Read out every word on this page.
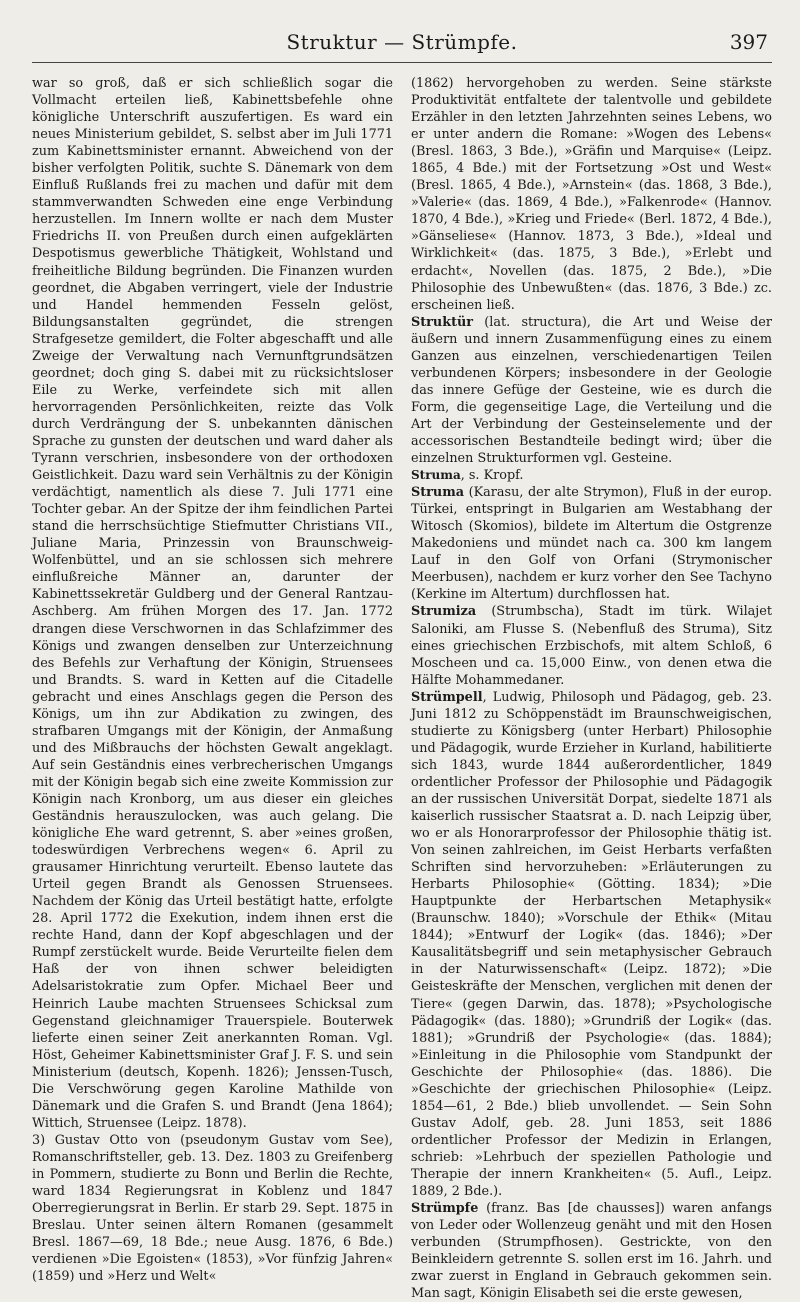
Struktur — Strümpfe.	397

war so groß, daß er sich schließlich sogar die Vollmacht erteilen ließ, Kabinettsbefehle ohne königliche Unterschrift auszufertigen. Es ward ein neues Ministerium gebildet, S. selbst aber im Juli 1771 zum Kabinettsminister ernannt. Abweichend von der bisher verfolgten Politik, suchte S. Dänemark von dem Einfluß Rußlands frei zu machen und dafür mit dem stammverwandten Schweden eine enge Verbindung herzustellen. Im Innern wollte er nach dem Muster Friedrichs II. von Preußen durch einen aufgeklärten Despotismus gewerbliche Thätigkeit, Wohlstand und freiheitliche Bildung begründen. Die Finanzen wurden geordnet, die Abgaben verringert, viele der Industrie und Handel hemmenden Fesseln gelöst, Bildungsanstalten gegründet, die strengen Strafgesetze gemildert, die Folter abgeschafft und alle Zweige der Verwaltung nach Vernunftgrundsätzen geordnet; doch ging S. dabei mit zu rücksichtsloser Eile zu Werke, verfeindete sich mit allen hervorragenden Persönlichkeiten, reizte das Volk durch Verdrängung der S. unbekannten dänischen Sprache zu gunsten der deutschen und ward daher als Tyrann verschrien, insbesondere von der orthodoxen Geistlichkeit. Dazu ward sein Verhältnis zu der Königin verdächtigt, namentlich als diese 7. Juli 1771 eine Tochter gebar. An der Spitze der ihm feindlichen Partei stand die herrschsüchtige Stiefmutter Christians VII., Juliane Maria, Prinzessin von Braunschweig-Wolfenbüttel, und an sie schlossen sich mehrere einflußreiche Männer an, darunter der Kabinettssekretär Guldberg und der General Rantzau-Aschberg. Am frühen Morgen des 17. Jan. 1772 drangen diese Verschwornen in das Schlafzimmer des Königs und zwangen denselben zur Unterzeichnung des Befehls zur Verhaftung der Königin, Struensees und Brandts. S. ward in Ketten auf die Citadelle gebracht und eines Anschlags gegen die Person des Königs, um ihn zur Abdikation zu zwingen, des strafbaren Umgangs mit der Königin, der Anmaßung und des Mißbrauchs der höchsten Gewalt angeklagt. Auf sein Geständnis eines verbrecherischen Umgangs mit der Königin begab sich eine zweite Kommission zur Königin nach Kronborg, um aus dieser ein gleiches Geständnis herauszulocken, was auch gelang. Die königliche Ehe ward getrennt, S. aber »eines großen, todeswürdigen Verbrechens wegen« 6. April zu grausamer Hinrichtung verurteilt. Ebenso lautete das Urteil gegen Brandt als Genossen Struensees. Nachdem der König das Urteil bestätigt hatte, erfolgte 28. April 1772 die Exekution, indem ihnen erst die rechte Hand, dann der Kopf abgeschlagen und der Rumpf zerstückelt wurde. Beide Verurteilte fielen dem Haß der von ihnen schwer beleidigten Adelsaristokratie zum Opfer. Michael Beer und Heinrich Laube machten Struensees Schicksal zum Gegenstand gleichnamiger Trauerspiele. Bouterwek lieferte einen seiner Zeit anerkannten Roman. Vgl. Höst, Geheimer Kabinettsminister Graf J. F. S. und sein Ministerium (deutsch, Kopenh. 1826); Jenssen-Tusch, Die Verschwörung gegen Karoline Mathilde von Dänemark und die Grafen S. und Brandt (Jena 1864); Wittich, Struensee (Leipz. 1878).

3) Gustav Otto von (pseudonym Gustav vom See), Romanschriftsteller, geb. 13. Dez. 1803 zu Greifenberg in Pommern, studierte zu Bonn und Berlin die Rechte, ward 1834 Regierungsrat in Koblenz und 1847 Oberregierungsrat in Berlin. Er starb 29. Sept. 1875 in Breslau. Unter seinen ältern Romanen (gesammelt Bresl. 1867—69, 18 Bde.; neue Ausg. 1876, 6 Bde.) verdienen »Die Egoisten« (1853), »Vor fünfzig Jahren« (1859) und »Herz und Welt«

(1862) hervorgehoben zu werden. Seine stärkste Produktivität entfaltete der talentvolle und gebildete Erzähler in den letzten Jahrzehnten seines Lebens, wo er unter andern die Romane: »Wogen des Lebens« (Bresl. 1863, 3 Bde.), »Gräfin und Marquise« (Leipz. 1865, 4 Bde.) mit der Fortsetzung »Ost und West« (Bresl. 1865, 4 Bde.), »Arnstein« (das. 1868, 3 Bde.), »Valerie« (das. 1869, 4 Bde.), »Falkenrode« (Hannov. 1870, 4 Bde.), »Krieg und Friede« (Berl. 1872, 4 Bde.), »Gänseliese« (Hannov. 1873, 3 Bde.), »Ideal und Wirklichkeit« (das. 1875, 3 Bde.), »Erlebt und erdacht«, Novellen (das. 1875, 2 Bde.), »Die Philosophie des Unbewußten« (das. 1876, 3 Bde.) zc. erscheinen ließ.

Struktür (lat. structura), die Art und Weise der äußern und innern Zusammenfügung eines zu einem Ganzen aus einzelnen, verschiedenartigen Teilen verbundenen Körpers; insbesondere in der Geologie das innere Gefüge der Gesteine, wie es durch die Form, die gegenseitige Lage, die Verteilung und die Art der Verbindung der Gesteinselemente und der accessorischen Bestandteile bedingt wird; über die einzelnen Strukturformen vgl. Gesteine.

Struma, s. Kropf.

Struma (Karasu, der alte Strymon), Fluß in der europ. Türkei, entspringt in Bulgarien am Westabhang der Witosch (Skomios), bildete im Altertum die Ostgrenze Makedoniens und mündet nach ca. 300 km langem Lauf in den Golf von Orfani (Strymonischer Meerbusen), nachdem er kurz vorher den See Tachyno (Kerkine im Altertum) durchflossen hat.

Strumiza (Strumbscha), Stadt im türk. Wilajet Saloniki, am Flusse S. (Nebenfluß des Struma), Sitz eines griechischen Erzbischofs, mit altem Schloß, 6 Moscheen und ca. 15,000 Einw., von denen etwa die Hälfte Mohammedaner.

Strümpell, Ludwig, Philosoph und Pädagog, geb. 23. Juni 1812 zu Schöppenstädt im Braunschweigischen, studierte zu Königsberg (unter Herbart) Philosophie und Pädagogik, wurde Erzieher in Kurland, habilitierte sich 1843, wurde 1844 außerordentlicher, 1849 ordentlicher Professor der Philosophie und Pädagogik an der russischen Universität Dorpat, siedelte 1871 als kaiserlich russischer Staatsrat a. D. nach Leipzig über, wo er als Honorarprofessor der Philosophie thätig ist. Von seinen zahlreichen, im Geist Herbarts verfaßten Schriften sind hervorzuheben: »Erläuterungen zu Herbarts Philosophie« (Götting. 1834); »Die Hauptpunkte der Herbartschen Metaphysik« (Braunschw. 1840); »Vorschule der Ethik« (Mitau 1844); »Entwurf der Logik« (das. 1846); »Der Kausalitätsbegriff und sein metaphysischer Gebrauch in der Naturwissenschaft« (Leipz. 1872); »Die Geisteskräfte der Menschen, verglichen mit denen der Tiere« (gegen Darwin, das. 1878); »Psychologische Pädagogik« (das. 1880); »Grundriß der Logik« (das. 1881); »Grundriß der Psychologie« (das. 1884); »Einleitung in die Philosophie vom Standpunkt der Geschichte der Philosophie« (das. 1886). Die »Geschichte der griechischen Philosophie« (Leipz. 1854—61, 2 Bde.) blieb unvollendet. — Sein Sohn Gustav Adolf, geb. 28. Juni 1853, seit 1886 ordentlicher Professor der Medizin in Erlangen, schrieb: »Lehrbuch der speziellen Pathologie und Therapie der innern Krankheiten« (5. Aufl., Leipz. 1889, 2 Bde.).

Strümpfe (franz. Bas [de chausses]) waren anfangs von Leder oder Wollenzeug genäht und mit den Hosen verbunden (Strumpfhosen). Gestrickte, von den Beinkleidern getrennte S. sollen erst im 16. Jahrh. und zwar zuerst in England in Gebrauch gekommen sein. Man sagt, Königin Elisabeth sei die erste gewesen,
